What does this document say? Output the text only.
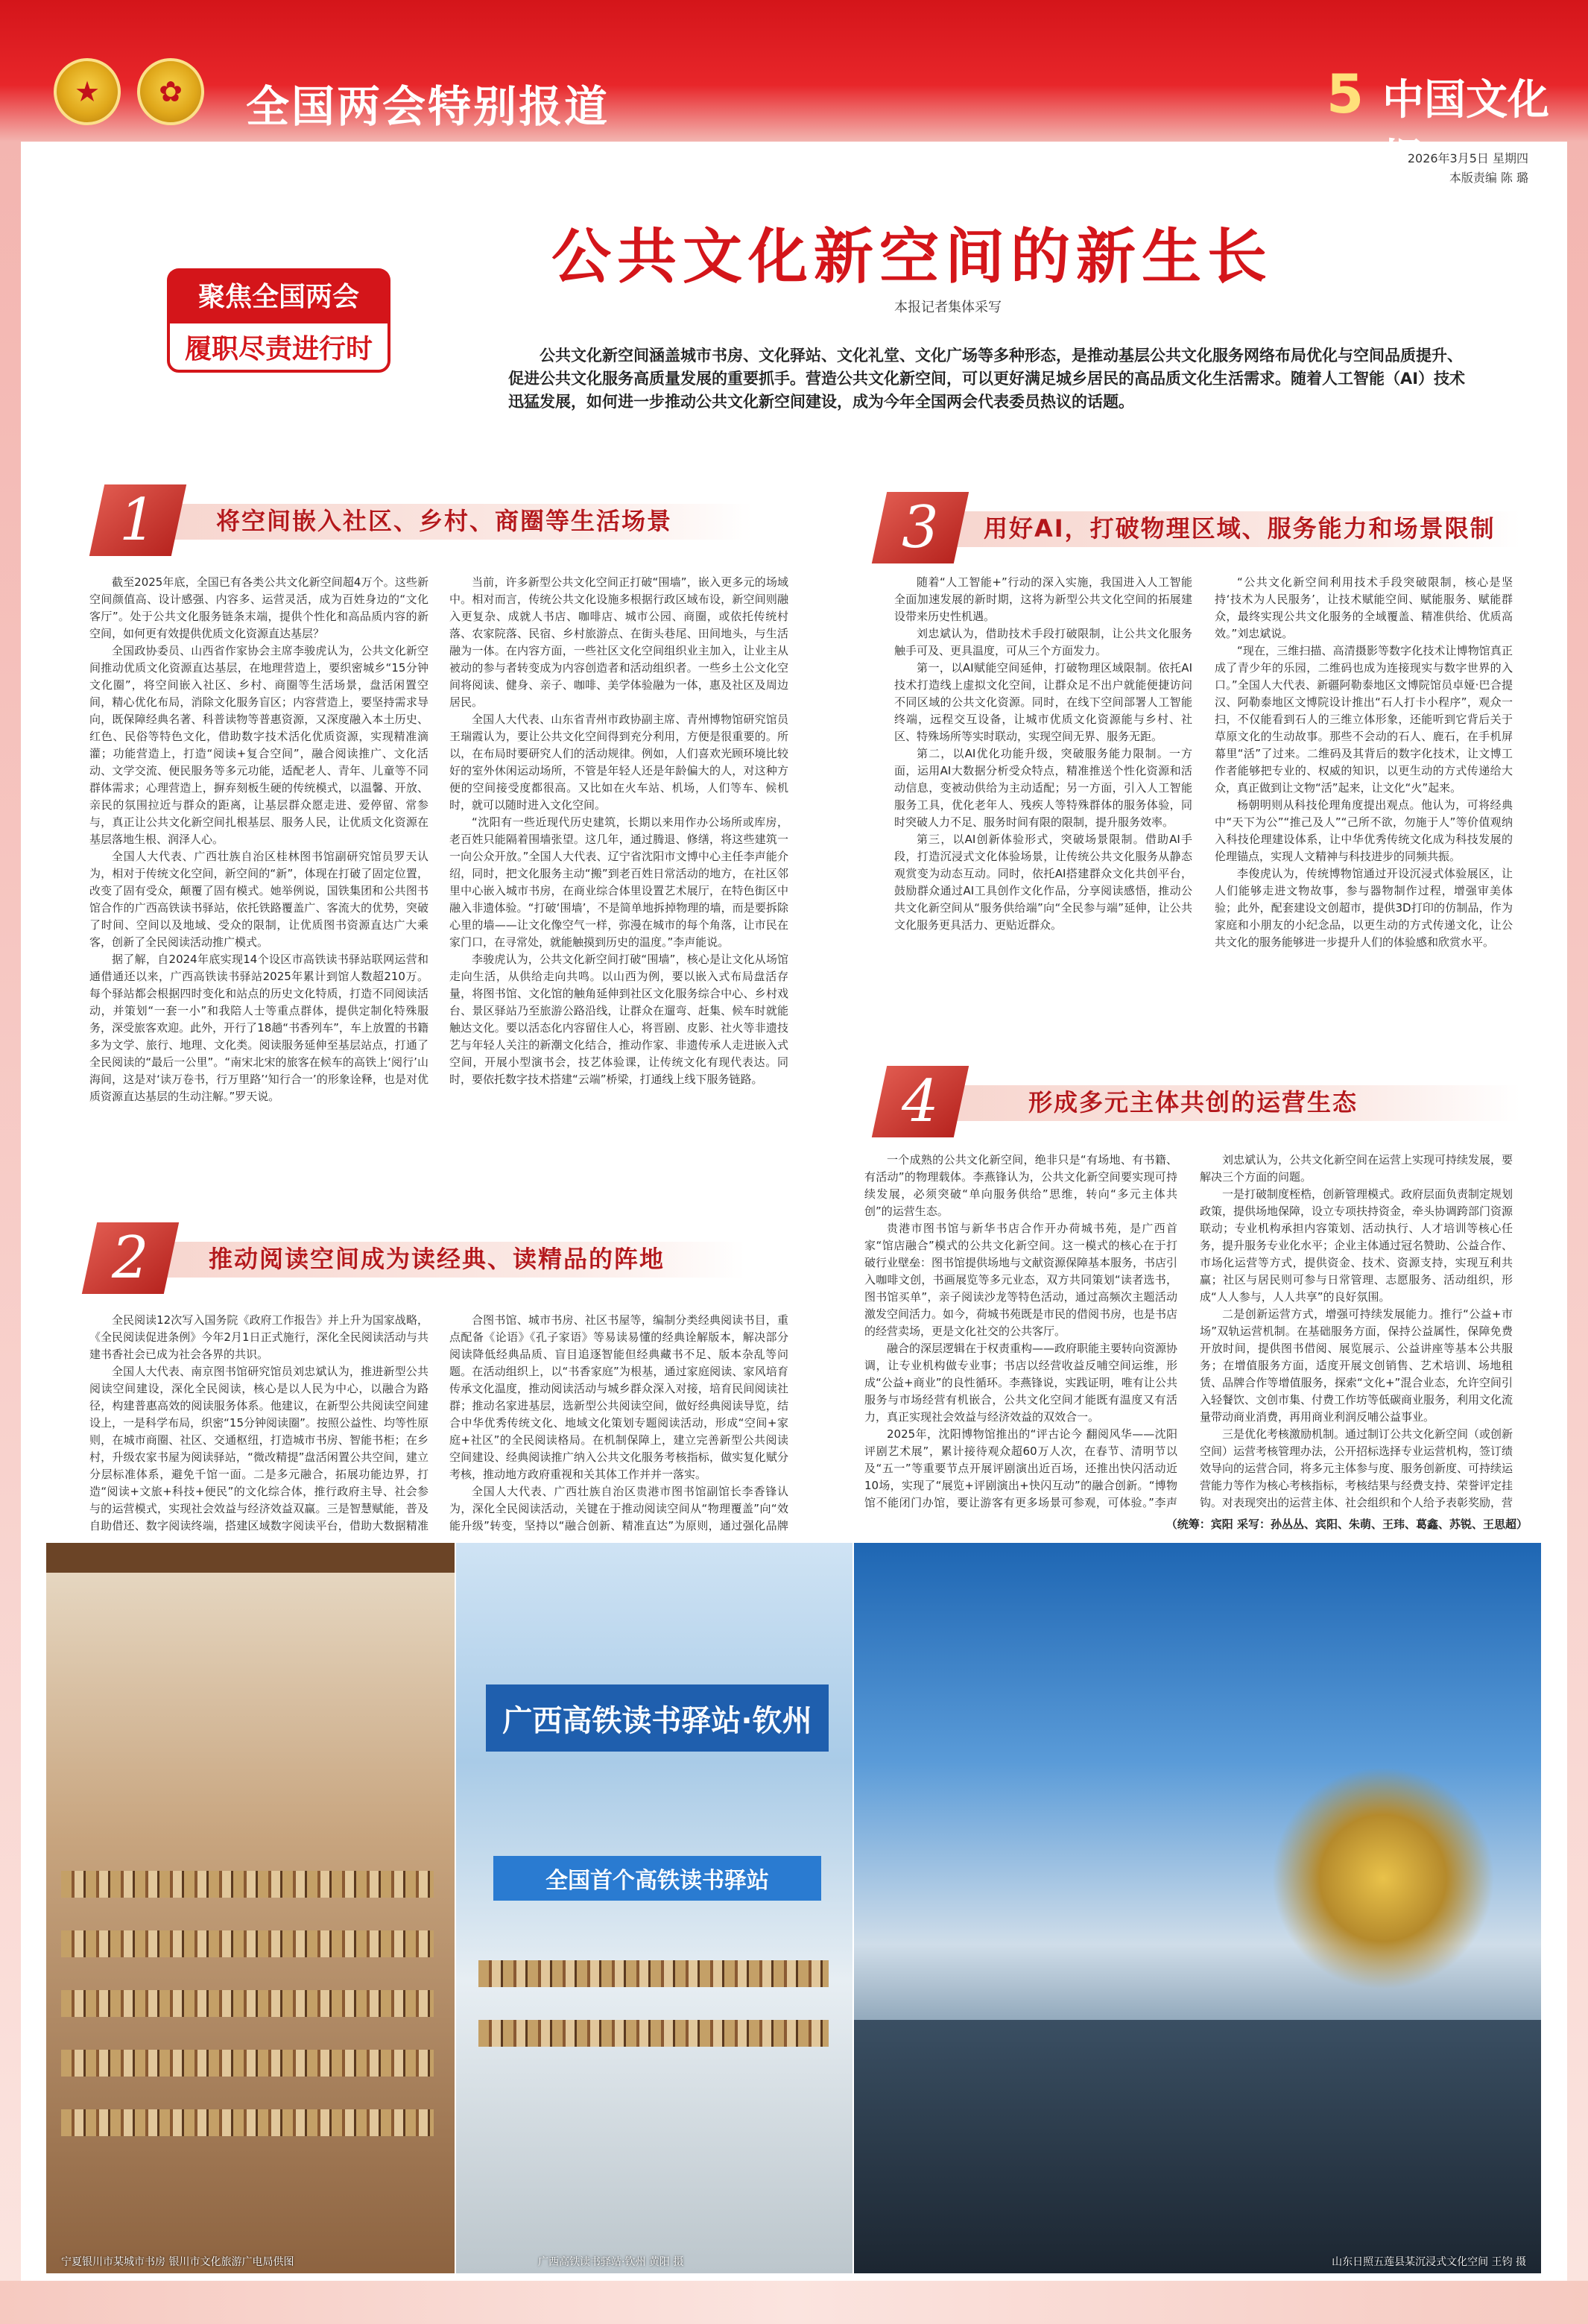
★	✿	全国两会特别报道	5 中国文化报
2026年3月5日 星期四
本版责编 陈 璐
聚焦全国两会
履职尽责进行时
公共文化新空间的新生长
本报记者集体采写
公共文化新空间涵盖城市书房、文化驿站、文化礼堂、文化广场等多种形态，是推动基层公共文化服务网络布局优化与空间品质提升、促进公共文化服务高质量发展的重要抓手。营造公共文化新空间，可以更好满足城乡居民的高品质文化生活需求。随着人工智能（AI）技术迅猛发展，如何进一步推动公共文化新空间建设，成为今年全国两会代表委员热议的话题。
1	将空间嵌入社区、乡村、商圈等生活场景

截至2025年底，全国已有各类公共文化新空间超4万个。这些新空间颜值高、设计感强、内容多、运营灵活，成为百姓身边的“文化客厅”。处于公共文化服务链条末端，提供个性化和高品质内容的新空间，如何更有效提供优质文化资源直达基层？

全国政协委员、山西省作家协会主席李骏虎认为，公共文化新空间推动优质文化资源直达基层，在地理营造上，要织密城乡“15分钟文化圈”，将空间嵌入社区、乡村、商圈等生活场景，盘活闲置空间，精心优化布局，消除文化服务盲区；内容营造上，要坚持需求导向，既保障经典名著、科普读物等普惠资源，又深度融入本土历史、红色、民俗等特色文化，借助数字技术活化优质资源，实现精准滴灌；功能营造上，打造“阅读+复合空间”，融合阅读推广、文化活动、文学交流、便民服务等多元功能，适配老人、青年、儿童等不同群体需求；心理营造上，摒弃刻板生硬的传统模式，以温馨、开放、亲民的氛围拉近与群众的距离，让基层群众愿走进、爱停留、常参与，真正让公共文化新空间扎根基层、服务人民，让优质文化资源在基层落地生根、润泽人心。

全国人大代表、广西壮族自治区桂林图书馆副研究馆员罗天认为，相对于传统文化空间，新空间的“新”，体现在打破了固定位置，改变了固有受众，颠覆了固有模式。她举例说，国铁集团和公共图书馆合作的广西高铁读书驿站，依托铁路覆盖广、客流大的优势，突破了时间、空间以及地域、受众的限制，让优质图书资源直达广大乘客，创新了全民阅读活动推广模式。

据了解，自2024年底实现14个设区市高铁读书驿站联网运营和通借通还以来，广西高铁读书驿站2025年累计到馆人数超210万。每个驿站都会根据四时变化和站点的历史文化特质，打造不同阅读活动，并策划“一套一小”和我陪人士等重点群体，提供定制化特殊服务，深受旅客欢迎。此外，开行了18趟“书香列车”，车上放置的书籍多为文学、旅行、地理、文化类。阅读服务延伸至基层站点，打通了全民阅读的“最后一公里”。“南宋北宋的旅客在候车的高铁上‘阅行’山海间，这是对‘读万卷书，行万里路’‘知行合一’的形象诠释，也是对优质资源直达基层的生动注解。”罗天说。

当前，许多新型公共文化空间正打破“围墙”，嵌入更多元的场域中。相对而言，传统公共文化设施多根据行政区域布设，新空间则融入更复杂、成就人书店、咖啡店、城市公园、商圈，或依托传统村落、农家院落、民宿、乡村旅游点、在街头巷尾、田间地头，与生活融为一体。在内容方面，一些社区文化空间组织业主加入，让业主从被动的参与者转变成为内容创造者和活动组织者。一些乡土公文化空间将阅读、健身、亲子、咖啡、美学体验融为一体，惠及社区及周边居民。

全国人大代表、山东省青州市政协副主席、青州博物馆研究馆员王瑞霞认为，要让公共文化空间得到充分利用，方便是很重要的。所以，在布局时要研究人们的活动规律。例如，人们喜欢光顾环境比较好的室外休闲运动场所，不管是年轻人还是年龄偏大的人，对这种方便的空间接受度都很高。又比如在火车站、机场，人们等车、候机时，就可以随时进入文化空间。

“沈阳有一些近现代历史建筑，长期以来用作办公场所或库房，老百姓只能隔着围墙张望。这几年，通过腾退、修缮，将这些建筑一一向公众开放。”全国人大代表、辽宁省沈阳市文博中心主任李声能介绍，同时，把文化服务主动“搬”到老百姓日常活动的地方，在社区邻里中心嵌入城市书房，在商业综合体里设置艺术展厅，在特色街区中融入非遗体验。“打破‘围墙’，不是简单地拆掉物理的墙，而是要拆除心里的墙——让文化像空气一样，弥漫在城市的每个角落，让市民在家门口，在寻常处，就能触摸到历史的温度。”李声能说。

李骏虎认为，公共文化新空间打破“围墙”，核心是让文化从场馆走向生活，从供给走向共鸣。以山西为例，要以嵌入式布局盘活存量，将图书馆、文化馆的触角延伸到社区文化服务综合中心、乡村戏台、景区驿站乃至旅游公路沿线，让群众在遛弯、赶集、候车时就能触达文化。要以活态化内容留住人心，将晋剧、皮影、社火等非遗技艺与年轻人关注的新潮文化结合，推动作家、非遗传承人走进嵌入式空间，开展小型演书会，技艺体验课，让传统文化有现代表达。同时，要依托数字技术搭建“云端”桥梁，打通线上线下服务链路。

2	推动阅读空间成为读经典、读精品的阵地

全民阅读12次写入国务院《政府工作报告》并上升为国家战略，《全民阅读促进条例》今年2月1日正式施行，深化全民阅读活动与共建书香社会已成为社会各界的共识。

全国人大代表、南京图书馆研究馆员刘忠斌认为，推进新型公共阅读空间建设，深化全民阅读，核心是以人民为中心，以融合为路径，构建普惠高效的阅读服务体系。他建议，在新型公共阅读空间建设上，一是科学布局，织密“15分钟阅读圈”。按照公益性、均等性原则，在城市商圈、社区、交通枢纽，打造城市书房、智能书柜；在乡村，升级农家书屋为阅读驿站，“微改精提”盘活闲置公共空间，建立分层标准体系，避免千馆一面。二是多元融合，拓展功能边界，打造“阅读+文旅+科技+便民”的文化综合体，推行政府主导、社会参与的运营模式，实现社会效益与经济效益双赢。三是智慧赋能，普及自助借还、数字阅读终端，搭建区域数字阅读平台，借助大数据精准

合图书馆、城市书房、社区书屋等，编制分类经典阅读书目，重点配备《论语》《孔子家语》等易读易懂的经典诠解版本，解决部分阅读降低经典品质、盲目追逐智能但经典藏书不足、版本杂乱等问题。在活动组织上，以“书香家庭”为根基，通过家庭阅读、家风培育传承文化温度，推动阅读活动与城乡群众深入对接，培育民间阅读社群；推动名家进基层，选新型公共阅读空间，做好经典阅读导览，结合中华优秀传统文化、地域文化策划专题阅读活动，形成“空间+家庭+社区”的全民阅读格局。在机制保障上，建立完善新型公共阅读空间建设、经典阅读推广纳入公共文化服务考核指标，做实复化赋分考核，推动地方政府重视和关其体工作并并一落实。

全国人大代表、广西壮族自治区贵港市图书馆副馆长李香锋认为，深化全民阅读活动，关键在于推动阅读空间从“物理覆盖”向“效能升级”转变，坚持以“融合创新、精准直达”为原则，通过强化品牌

3 用好AI，打破物理区域、服务能力和场景限制

随着“人工智能+”行动的深入实施，我国进入人工智能全面加速发展的新时期，这将为新型公共文化空间的拓展建设带来历史性机遇。

刘忠斌认为，借助技术手段打破限制，让公共文化服务触手可及、更具温度，可从三个方面发力。

第一，以AI赋能空间延伸，打破物理区域限制。依托AI技术打造线上虚拟文化空间，让群众足不出户就能便捷访问不同区域的公共文化资源。同时，在线下空间部署人工智能终端，远程交互设备，让城市优质文化资源能与乡村、社区、特殊场所等实时联动，实现空间无界、服务无距。

第二，以AI优化功能升级，突破服务能力限制。一方面，运用AI大数据分析受众特点，精准推送个性化资源和活动信息，变被动供给为主动适配；另一方面，引入人工智能服务工具，优化老年人、残疾人等特殊群体的服务体验，同时突破人力不足、服务时间有限的限制，提升服务效率。

第三，以AI创新体验形式，突破场景限制。借助AI手段，打造沉浸式文化体验场景，让传统公共文化服务从静态观赏变为动态互动。同时，依托AI搭建群众文化共创平台，鼓励群众通过AI工具创作文化作品，分享阅读感悟，推动公共文化新空间从“服务供给端”向“全民参与端”延伸，让公共文化服务更具活力、更贴近群众。

“公共文化新空间利用技术手段突破限制，核心是坚持‘技术为人民服务’，让技术赋能空间、赋能服务、赋能群众，最终实现公共文化服务的全域覆盖、精准供给、优质高效。”刘忠斌说。

“现在，三维扫描、高清摄影等数字化技术让博物馆真正成了青少年的乐园，二维码也成为连接现实与数字世界的入口。”全国人大代表、新疆阿勒泰地区文博院馆员卓娅·巴合提汉、阿勒泰地区文博院设计推出“石人打卡小程序”，观众一扫，不仅能看到石人的三维立体形象，还能听到它背后关于草原文化的生动故事。那些不会动的石人、鹿石，在手机屏幕里“活”了过来。二维码及其背后的数字化技术，让文博工作者能够把专业的、权威的知识，以更生动的方式传递给大众，真正做到让文物“活”起来，让文化“火”起来。

杨朝明则从科技伦理角度提出观点。他认为，可将经典中“天下为公”“推己及人”“己所不欲，勿施于人”等价值观纳入科技伦理建设体系，让中华优秀传统文化成为科技发展的伦理锚点，实现人文精神与科技进步的同频共振。

李俊虎认为，传统博物馆通过开设沉浸式体验展区，让人们能够走进文物故事，参与器物制作过程，增强审美体验；此外，配套建设文创超市，提供3D打印的仿制品，作为家庭和小朋友的小纪念品，以更生动的方式传递文化，让公共文化的服务能够进一步提升人们的体验感和欣赏水平。

4	形成多元主体共创的运营生态

一个成熟的公共文化新空间，绝非只是“有场地、有书籍、有活动”的物理载体。李燕锋认为，公共文化新空间要实现可持续发展，必须突破“单向服务供给”思维，转向“多元主体共创”的运营生态。

贵港市图书馆与新华书店合作开办荷城书苑，是广西首家“馆店融合”模式的公共文化新空间。这一模式的核心在于打破行业壁垒：图书馆提供场地与文献资源保障基本服务，书店引入咖啡文创，书画展览等多元业态，双方共同策划“读者选书，图书馆买单”，亲子阅读沙龙等特色活动，通过高频次主题活动激发空间活力。如今，荷城书苑既是市民的借阅书房，也是书店的经营卖场，更是文化社交的公共客厅。

融合的深层逻辑在于权责重构——政府职能主要转向资源协调，让专业机构做专业事；书店以经营收益反哺空间运维，形成“公益+商业”的良性循环。李燕锋说，实践证明，唯有让公共服务与市场经营有机嵌合，公共文化空间才能既有温度又有活力，真正实现社会效益与经济效益的双效合一。

2025年，沈阳博物馆推出的“评古论今 翻阅风华——沈阳评剧艺术展”，累计接待观众超60万人次，在春节、清明节以及“五一”等重要节点开展评剧演出近百场，还推出快闪活动近10场，实现了“展览+评剧演出+快闪互动”的融合创新。“博物馆不能闭门办馆，要让游客有更多场景可参观，可体验。”李声

刘忠斌认为，公共文化新空间在运营上实现可持续发展，要解决三个方面的问题。

一是打破制度桎梏，创新管理模式。政府层面负责制定规划政策，提供场地保障，设立专项扶持资金，牵头协调跨部门资源联动；专业机构承担内容策划、活动执行、人才培训等核心任务，提升服务专业化水平；企业主体通过冠名赞助、公益合作、市场化运营等方式，提供资金、技术、资源支持，实现互利共赢；社区与居民则可参与日常管理、志愿服务、活动组织，形成“人人参与，人人共享”的良好氛围。

二是创新运营方式，增强可持续发展能力。推行“公益+市场”双轨运营机制。在基础服务方面，保持公益属性，保障免费开放时间，提供图书借阅、展览展示、公益讲座等基本公共服务；在增值服务方面，适度开展文创销售、艺术培训、场地租赁、品牌合作等增值服务，探索“文化+”混合业态，允许空间引入轻餐饮、文创市集、付费工作坊等低碳商业服务，利用文化流量带动商业消费，再用商业利润反哺公益事业。

三是优化考核激励机制。通过制订公共文化新空间（或创新空间）运营考核管理办法，公开招标选择专业运营机构，签订绩效导向的运营合同，将多元主体参与度、服务创新度、可持续运营能力等作为核心考核指标，考核结果与经费支持、荣誉评定挂钩。对表现突出的运营主体、社会组织和个人给予表彰奖励，营

（统筹：宾阳 采写：孙丛丛、宾阳、朱萌、王玮、葛鑫、苏锐、王思超）
宁夏银川市某城市书房 银川市文化旅游广电局供图
广西高铁读书驿站·钦州
全国首个高铁读书驿站
广西高铁读书驿站·钦州 黄阳 摄	山东日照五莲县某沉浸式文化空间 王钧 摄
